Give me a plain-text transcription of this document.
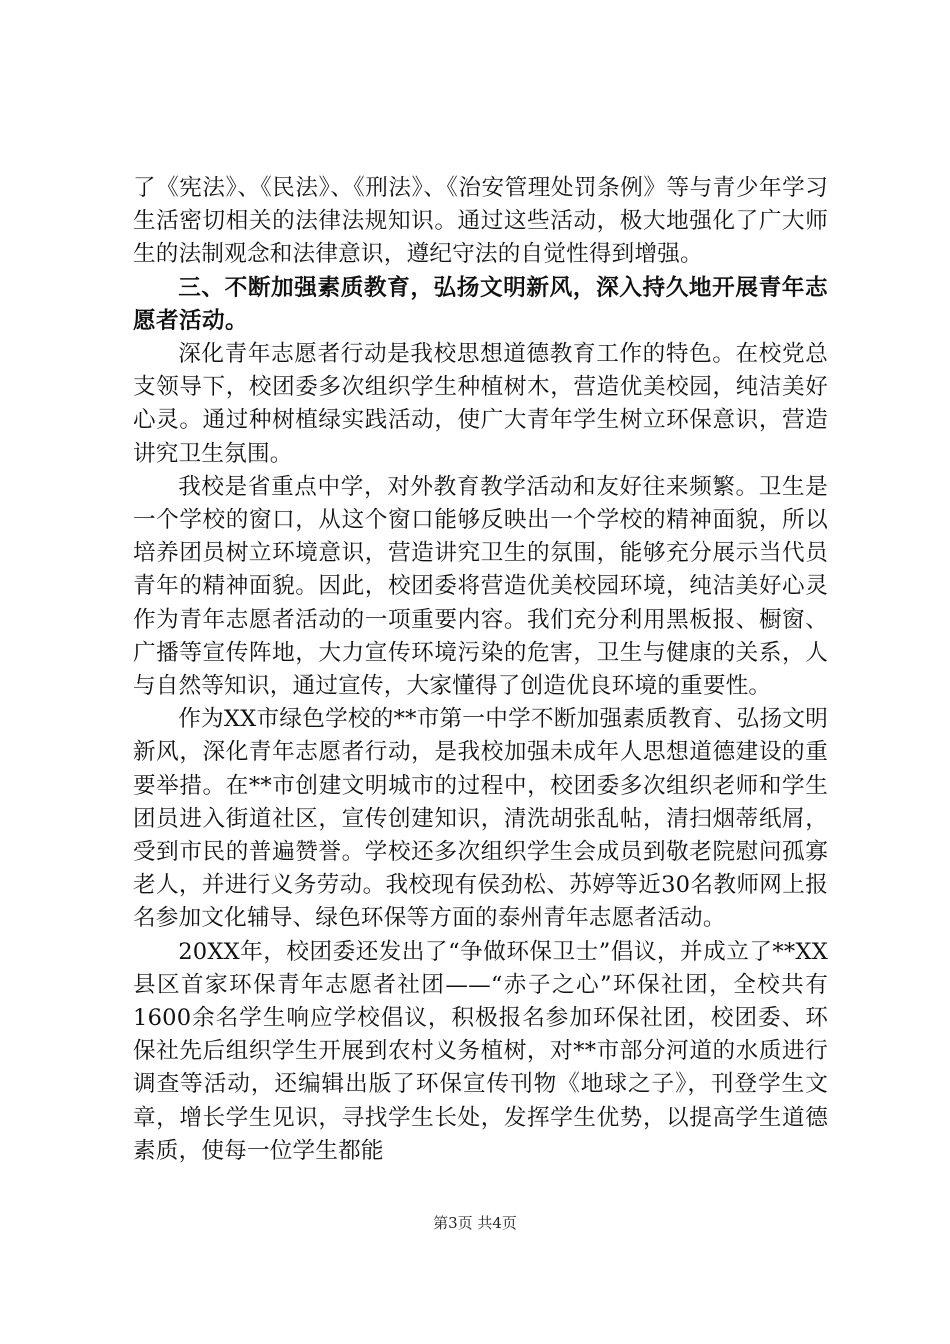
了《宪法》、《民法》、《刑法》、《治安管理处罚条例》等与青少年学习生活密切相关的法律法规知识。通过这些活动，极大地强化了广大师生的法制观念和法律意识，遵纪守法的自觉性得到增强。

三、不断加强素质教育，弘扬文明新风，深入持久地开展青年志愿者活动。

深化青年志愿者行动是我校思想道德教育工作的特色。在校党总支领导下，校团委多次组织学生种植树木，营造优美校园，纯洁美好心灵。通过种树植绿实践活动，使广大青年学生树立环保意识，营造讲究卫生氛围。

我校是省重点中学，对外教育教学活动和友好往来频繁。卫生是一个学校的窗口，从这个窗口能够反映出一个学校的精神面貌，所以培养团员树立环境意识，营造讲究卫生的氛围，能够充分展示当代员青年的精神面貌。因此，校团委将营造优美校园环境，纯洁美好心灵作为青年志愿者活动的一项重要内容。我们充分利用黑板报、橱窗、广播等宣传阵地，大力宣传环境污染的危害，卫生与健康的关系，人与自然等知识，通过宣传，大家懂得了创造优良环境的重要性。

作为XX市绿色学校的**市第一中学不断加强素质教育、弘扬文明新风，深化青年志愿者行动，是我校加强未成年人思想道德建设的重要举措。在**市创建文明城市的过程中，校团委多次组织老师和学生团员进入街道社区，宣传创建知识，清洗胡张乱帖，清扫烟蒂纸屑，受到市民的普遍赞誉。学校还多次组织学生会成员到敬老院慰问孤寡老人，并进行义务劳动。我校现有侯劲松、苏婷等近30名教师网上报名参加文化辅导、绿色环保等方面的泰州青年志愿者活动。

20XX年，校团委还发出了“争做环保卫士”倡议，并成立了**XX县区首家环保青年志愿者社团——“赤子之心”环保社团，全校共有1600余名学生响应学校倡议，积极报名参加环保社团，校团委、环保社先后组织学生开展到农村义务植树，对**市部分河道的水质进行调查等活动，还编辑出版了环保宣传刊物《地球之子》，刊登学生文章，增长学生见识，寻找学生长处，发挥学生优势，以提高学生道德素质，使每一位学生都能

第3页 共4页
